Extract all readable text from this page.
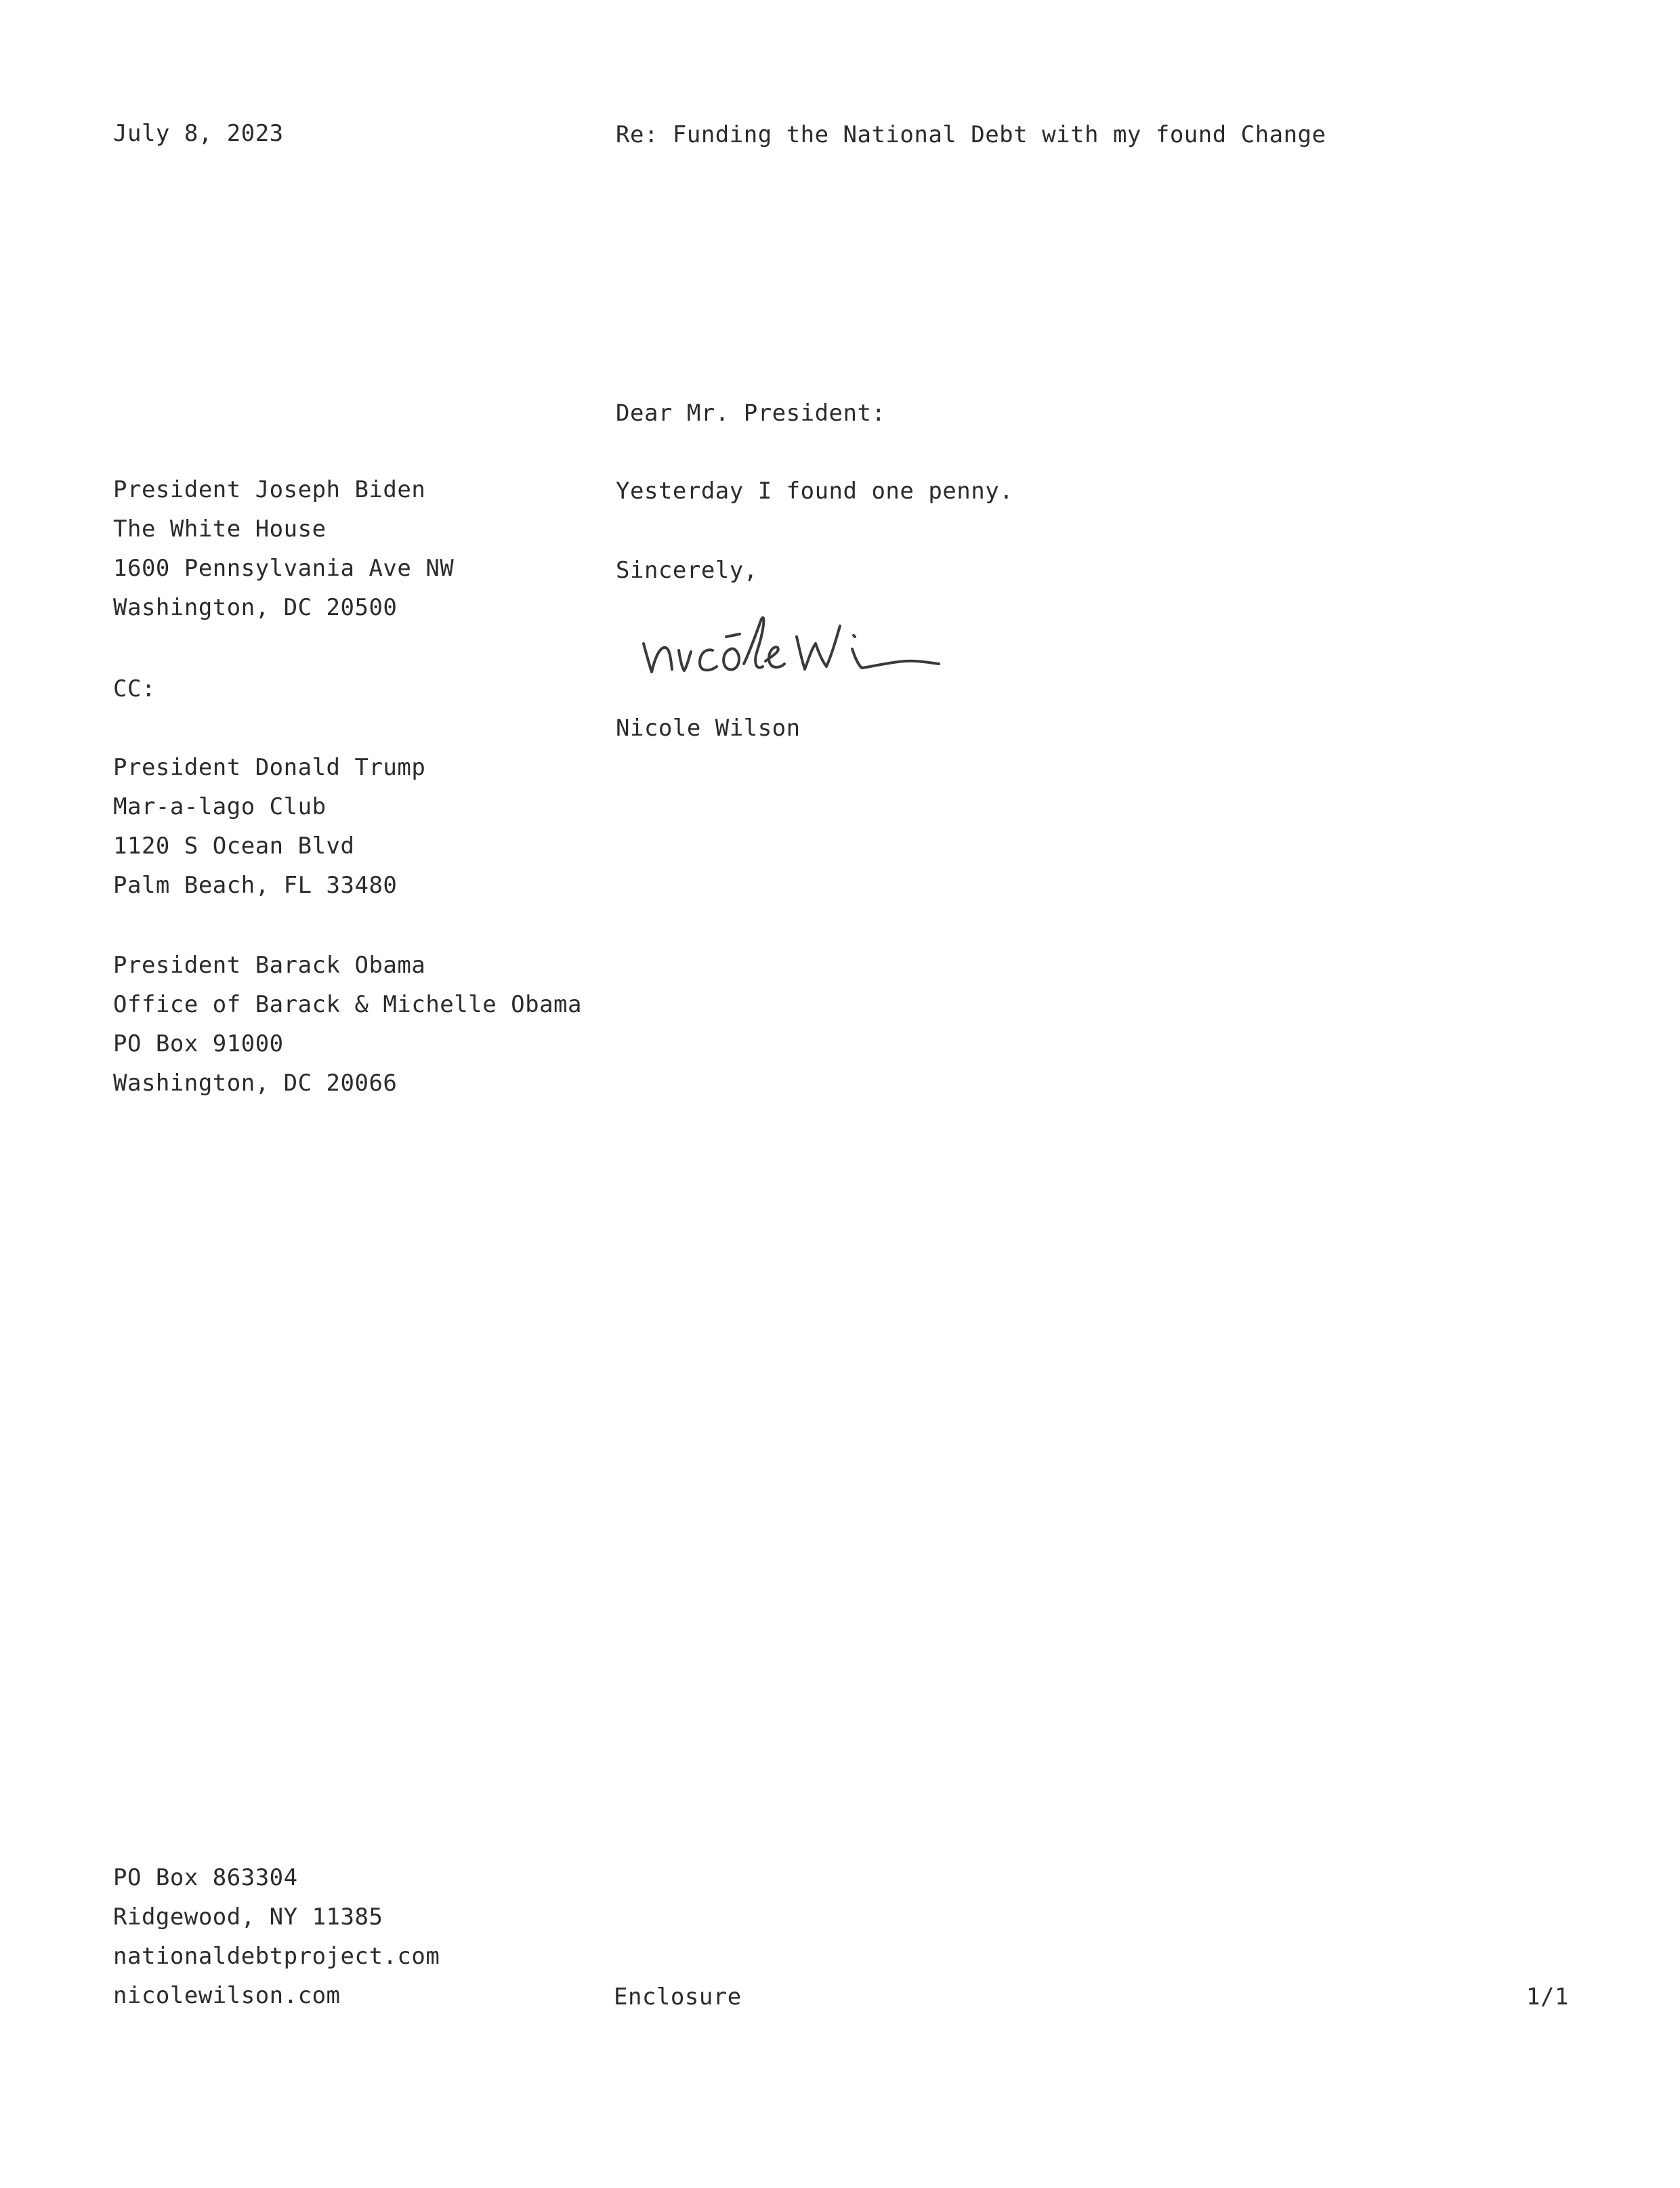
July 8, 2023	Re: Funding the National Debt with my found Change
President Joseph Biden
The White House
1600 Pennsylvania Ave NW
Washington, DC 20500
CC:
President Donald Trump
Mar-a-lago Club
1120 S Ocean Blvd
Palm Beach, FL 33480
President Barack Obama
Office of Barack & Michelle Obama
PO Box 91000
Washington, DC 20066
Dear Mr. President:
Yesterday I found one penny.
Sincerely,
Nicole Wilson
PO Box 863304
Ridgewood, NY 11385
nationaldebtproject.com
nicolewilson.com	Enclosure	1/1
